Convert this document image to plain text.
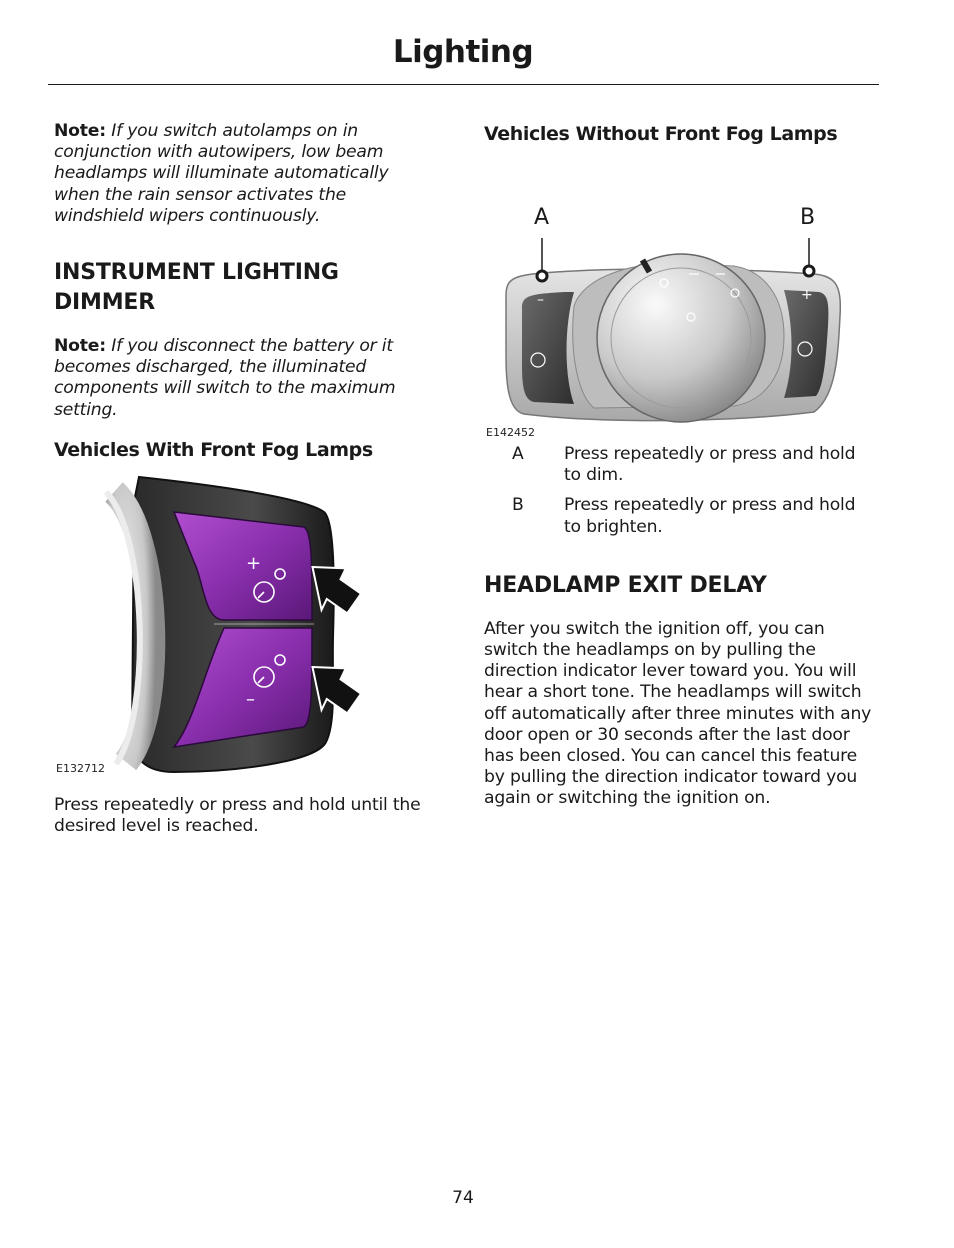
Lighting

Note: If you switch autolamps on in conjunction with autowipers, low beam headlamps will illuminate automatically when the rain sensor activates the windshield wipers continuously.

INSTRUMENT LIGHTING DIMMER

Note: If you disconnect the battery or it becomes discharged, the illuminated components will switch to the maximum setting.

Vehicles With Front Fog Lamps
+
–
E132712

Press repeatedly or press and hold until the desired level is reached.

Vehicles Without Front Fog Lamps
A	B
–	+
E142452
A	Press repeatedly or press and hold to dim.
B	Press repeatedly or press and hold to brighten.
HEADLAMP EXIT DELAY

After you switch the ignition off, you can switch the headlamps on by pulling the direction indicator lever toward you. You will hear a short tone. The headlamps will switch off automatically after three minutes with any door open or 30 seconds after the last door has been closed. You can cancel this feature by pulling the direction indicator toward you again or switching the ignition on.

74
